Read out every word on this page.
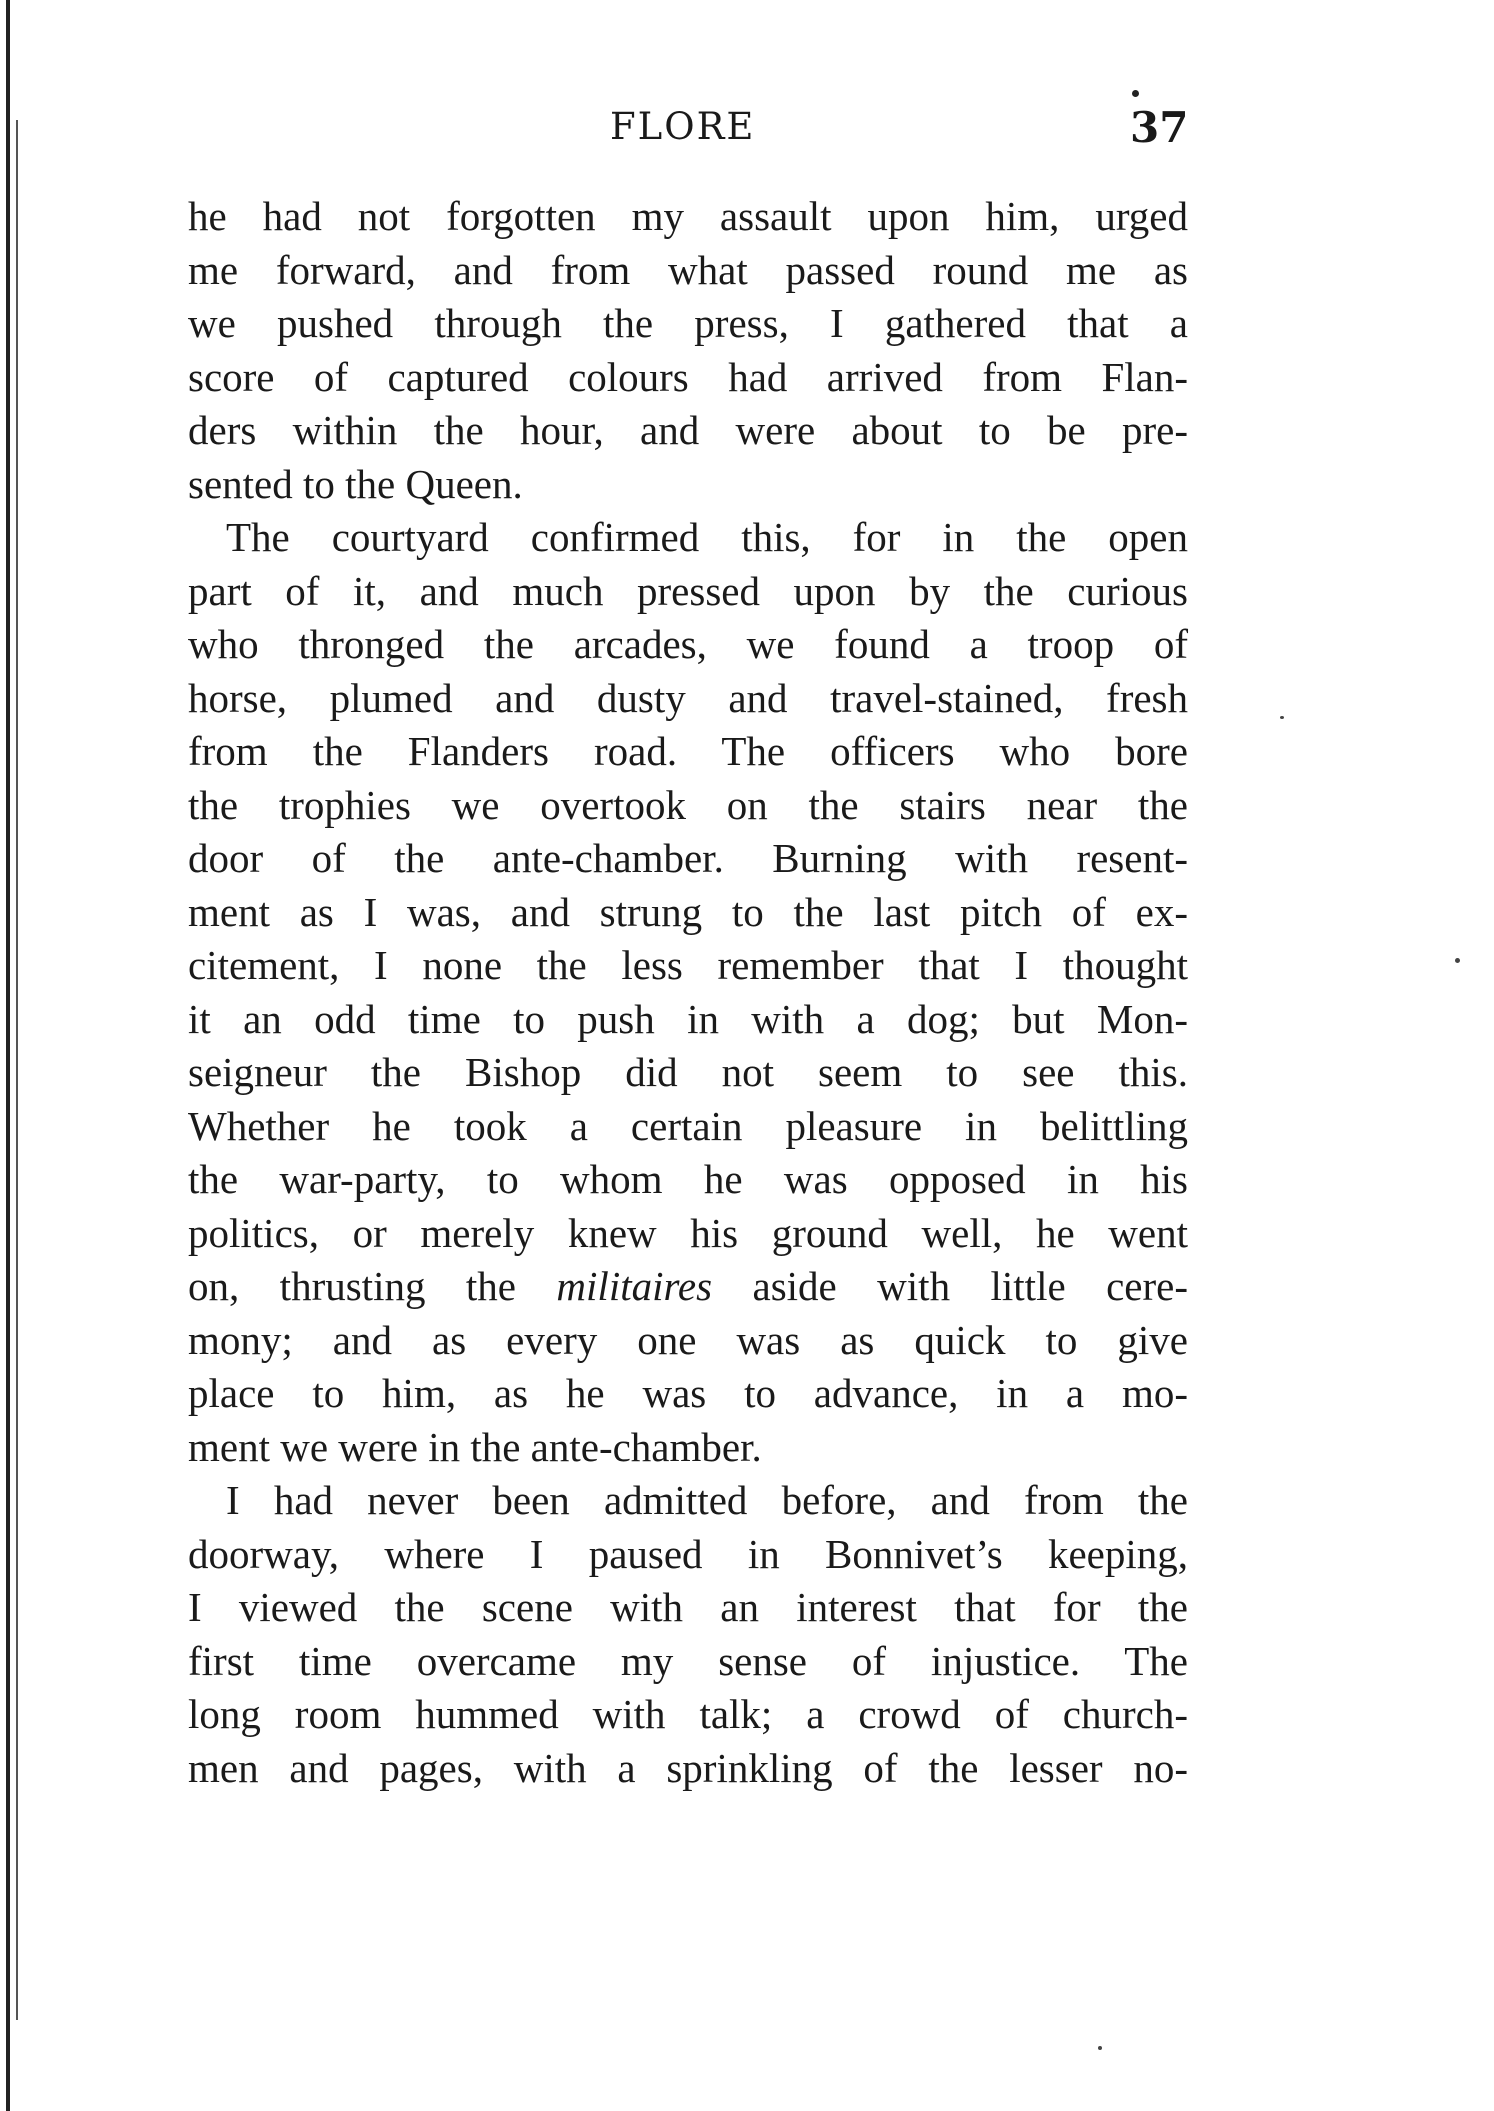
FLORE	37

he had not forgotten my assault upon him, urged
me forward, and from what passed round me as
we pushed through the press, I gathered that a
score of captured colours had arrived from Flan-
ders within the hour, and were about to be pre-
sented to the Queen.

The courtyard confirmed this, for in the open
part of it, and much pressed upon by the curious
who thronged the arcades, we found a troop of
horse, plumed and dusty and travel-stained, fresh
from the Flanders road. The officers who bore
the trophies we overtook on the stairs near the
door of the ante-chamber. Burning with resent-
ment as I was, and strung to the last pitch of ex-
citement, I none the less remember that I thought
it an odd time to push in with a dog; but Mon-
seigneur the Bishop did not seem to see this.
Whether he took a certain pleasure in belittling
the war-party, to whom he was opposed in his
politics, or merely knew his ground well, he went
on, thrusting the militaires aside with little cere-
mony; and as every one was as quick to give
place to him, as he was to advance, in a mo-
ment we were in the ante-chamber.

I had never been admitted before, and from the
doorway, where I paused in Bonnivet’s keeping,
I viewed the scene with an interest that for the
first time overcame my sense of injustice. The
long room hummed with talk; a crowd of church-
men and pages, with a sprinkling of the lesser no-
